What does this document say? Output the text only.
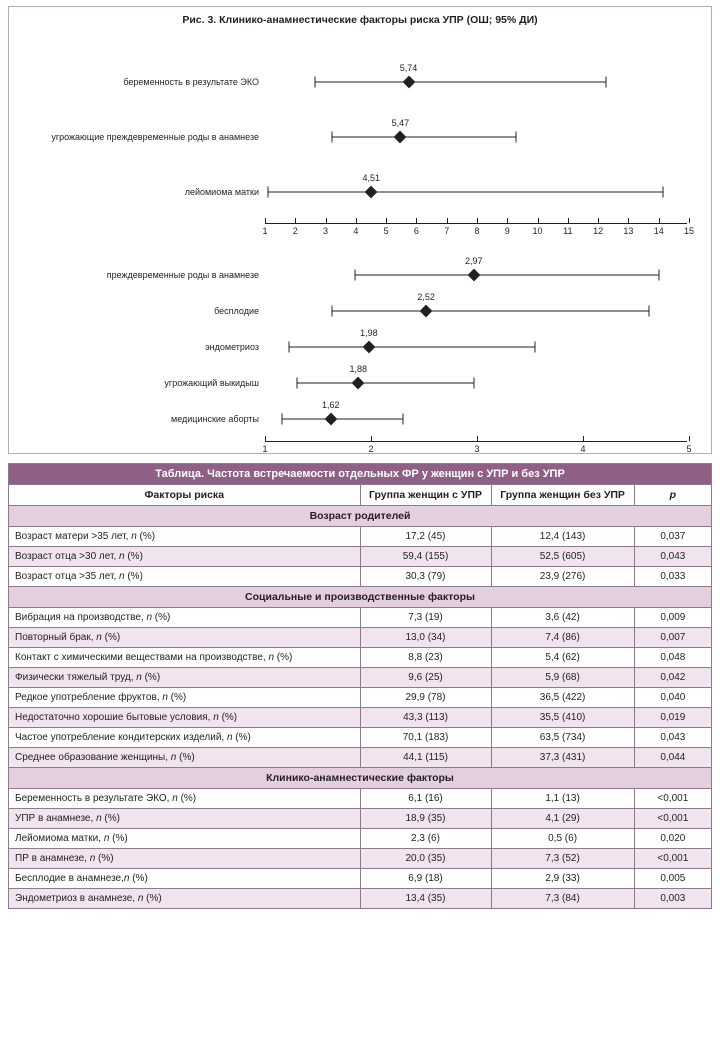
Рис. 3. Клинико-анамнестические факторы риска УПР (ОШ; 95% ДИ)
беременность в результате ЭКО
5,74
угрожающие преждевременные роды в анамнезе
5,47
лейомиома матки
4,51
1	2	3	4	5	6	7	8	9	10 11 12 13 14 15
преждевременные роды в анамнезе
2,97
бесплодие
2,52
эндометриоз
1,98
угрожающий выкидыш
1,88
медицинские аборты
1,62
1	2	3	4	5
Таблица. Частота встречаемости отдельных ФР у женщин с УПР и без УПР			
Факторы риска	Группа женщин с УПР	Группа женщин без УПР	p
Возраст родителей			
Возраст матери >35 лет, n (%)	17,2 (45)	12,4 (143)	0,037
Возраст отца >30 лет, n (%)	59,4 (155)	52,5 (605)	0,043
Возраст отца >35 лет, n (%)	30,3 (79)	23,9 (276)	0,033
Социальные и производственные факторы			
Вибрация на производстве, n (%)	7,3 (19)	3,6 (42)	0,009
Повторный брак, n (%)	13,0 (34)	7,4 (86)	0,007
Контакт с химическими веществами на производстве, n (%)	8,8 (23)	5,4 (62)	0,048
Физически тяжелый труд, n (%)	9,6 (25)	5,9 (68)	0,042
Редкое употребление фруктов, n (%)	29,9 (78)	36,5 (422)	0,040
Недостаточно хорошие бытовые условия, n (%)	43,3 (113)	35,5 (410)	0,019
Частое употребление кондитерских изделий, n (%)	70,1 (183)	63,5 (734)	0,043
Среднее образование женщины, n (%)	44,1 (115)	37,3 (431)	0,044
Клинико-анамнестические факторы			
Беременность в результате ЭКО, n (%)	6,1 (16)	1,1 (13)	<0,001
УПР в анамнезе, n (%)	18,9 (35)	4,1 (29)	<0,001
Лейомиома матки, n (%)	2,3 (6)	0,5 (6)	0,020
ПР в анамнезе, n (%)	20,0 (35)	7,3 (52)	<0,001
Бесплодие в анамнезе,n (%)	6,9 (18)	2,9 (33)	0,005
Эндометриоз в анамнезе, n (%)	13,4 (35)	7,3 (84)	0,003
